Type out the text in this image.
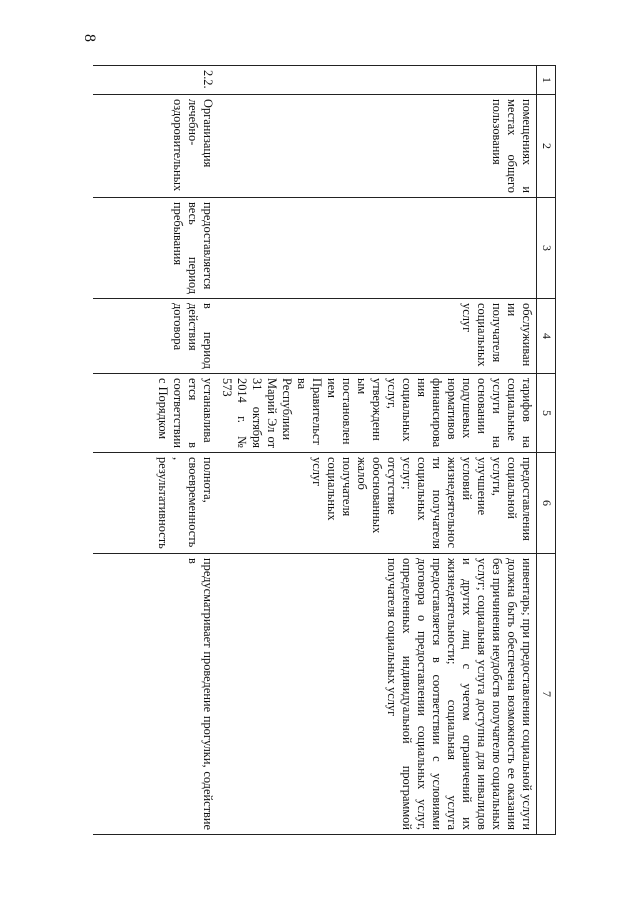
8
1	2	3	4	5	6	7
	помещениях и местах общего пользования		обслуживании получателя социальных услуг	тарифов на социальные услуги на основании подушевых нормативов финансирования социальных услуг, утвержденным постановлением Правительства Республики Марий Эл от 31 октября 2014 г. № 573	предоставления социальной услуги, улучшение условий жизнедеятельности получателя социальных услуг; отсутствие обоснованных жалоб получателя социальных услуг	инвентарь; при предоставлении социальной услуги должна быть обеспечена возможность ее оказания без причинения неудобств получателю социальных услуг; социальная услуга доступна для инвалидов и других лиц с учетом ограничений их жизнедеятельности; социальная услуга предоставляется в соответствии с условиями договора о предоставлении социальных услуг, определенных индивидуальной программой получателя социальных услуг
2.2.	Организация лечебно-оздоровительных	предоставляется весь период пребывания	в период действия договора	устанавливается в соответствии с Порядком	полнота, своевременность, результативность	предусматривает проведение прогулки, содействие в
